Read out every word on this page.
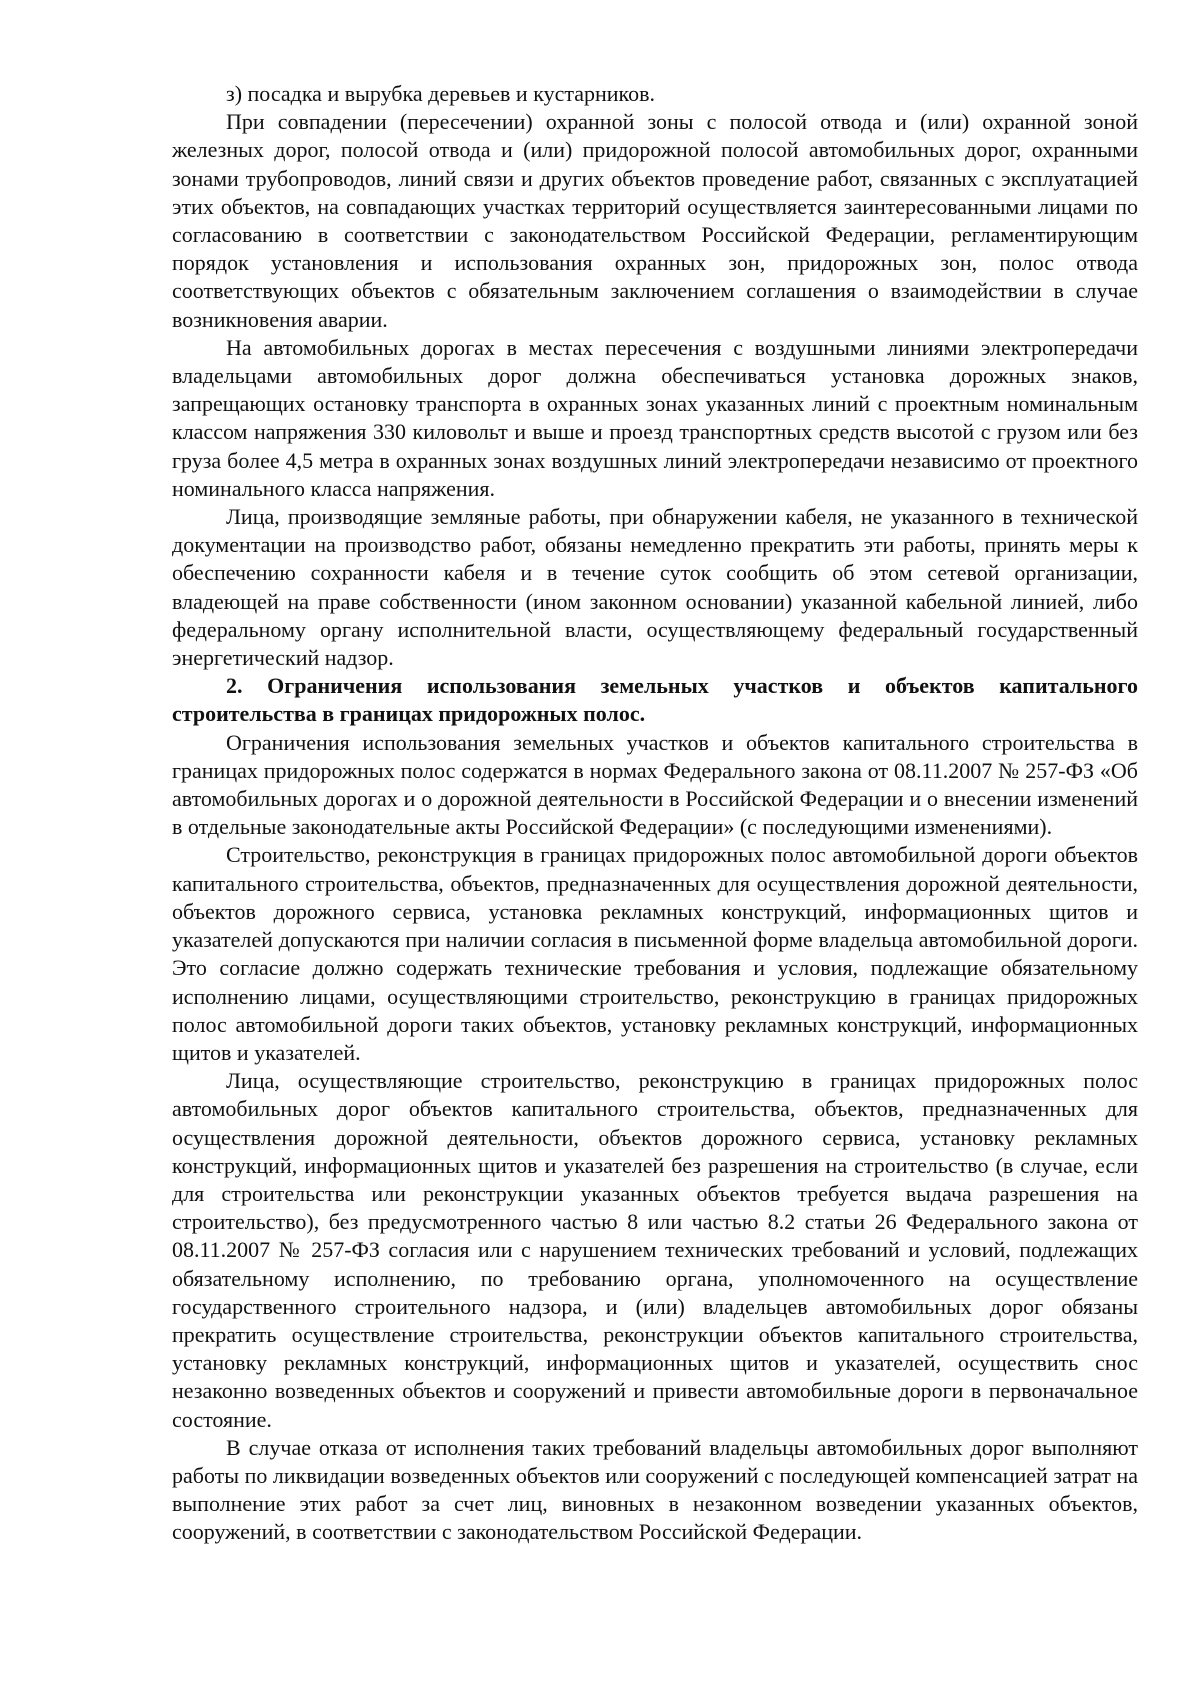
з) посадка и вырубка деревьев и кустарников.

При совпадении (пересечении) охранной зоны с полосой отвода и (или) охранной зоной железных дорог, полосой отвода и (или) придорожной полосой автомобильных дорог, охранными зонами трубопроводов, линий связи и других объектов проведение работ, связанных с эксплуатацией этих объектов, на совпадающих участках территорий осуществляется заинтересованными лицами по согласованию в соответствии с законодательством Российской Федерации, регламентирующим порядок установления и использования охранных зон, придорожных зон, полос отвода соответствующих объектов с обязательным заключением соглашения о взаимодействии в случае возникновения аварии.

На автомобильных дорогах в местах пересечения с воздушными линиями электропередачи владельцами автомобильных дорог должна обеспечиваться установка дорожных знаков, запрещающих остановку транспорта в охранных зонах указанных линий с проектным номинальным классом напряжения 330 киловольт и выше и проезд транспортных средств высотой с грузом или без груза более 4,5 метра в охранных зонах воздушных линий электропередачи независимо от проектного номинального класса напряжения.

Лица, производящие земляные работы, при обнаружении кабеля, не указанного в технической документации на производство работ, обязаны немедленно прекратить эти работы, принять меры к обеспечению сохранности кабеля и в течение суток сообщить об этом сетевой организации, владеющей на праве собственности (ином законном основании) указанной кабельной линией, либо федеральному органу исполнительной власти, осуществляющему федеральный государственный энергетический надзор.

2. Ограничения использования земельных участков и объектов капитального строительства в границах придорожных полос.

Ограничения использования земельных участков и объектов капитального строительства в границах придорожных полос содержатся в нормах Федерального закона от 08.11.2007 № 257-ФЗ «Об автомобильных дорогах и о дорожной деятельности в Российской Федерации и о внесении изменений в отдельные законодательные акты Российской Федерации» (с последующими изменениями).

Строительство, реконструкция в границах придорожных полос автомобильной дороги объектов капитального строительства, объектов, предназначенных для осуществления дорожной деятельности, объектов дорожного сервиса, установка рекламных конструкций, информационных щитов и указателей допускаются при наличии согласия в письменной форме владельца автомобильной дороги. Это согласие должно содержать технические требования и условия, подлежащие обязательному исполнению лицами, осуществляющими строительство, реконструкцию в границах придорожных полос автомобильной дороги таких объектов, установку рекламных конструкций, информационных щитов и указателей.

Лица, осуществляющие строительство, реконструкцию в границах придорожных полос автомобильных дорог объектов капитального строительства, объектов, предназначенных для осуществления дорожной деятельности, объектов дорожного сервиса, установку рекламных конструкций, информационных щитов и указателей без разрешения на строительство (в случае, если для строительства или реконструкции указанных объектов требуется выдача разрешения на строительство), без предусмотренного частью 8 или частью 8.2 статьи 26 Федерального закона от 08.11.2007 № 257-ФЗ согласия или с нарушением технических требований и условий, подлежащих обязательному исполнению, по требованию органа, уполномоченного на осуществление государственного строительного надзора, и (или) владельцев автомобильных дорог обязаны прекратить осуществление строительства, реконструкции объектов капитального строительства, установку рекламных конструкций, информационных щитов и указателей, осуществить снос незаконно возведенных объектов и сооружений и привести автомобильные дороги в первоначальное состояние.

В случае отказа от исполнения таких требований владельцы автомобильных дорог выполняют работы по ликвидации возведенных объектов или сооружений с последующей компенсацией затрат на выполнение этих работ за счет лиц, виновных в незаконном возведении указанных объектов, сооружений, в соответствии с законодательством Российской Федерации.
